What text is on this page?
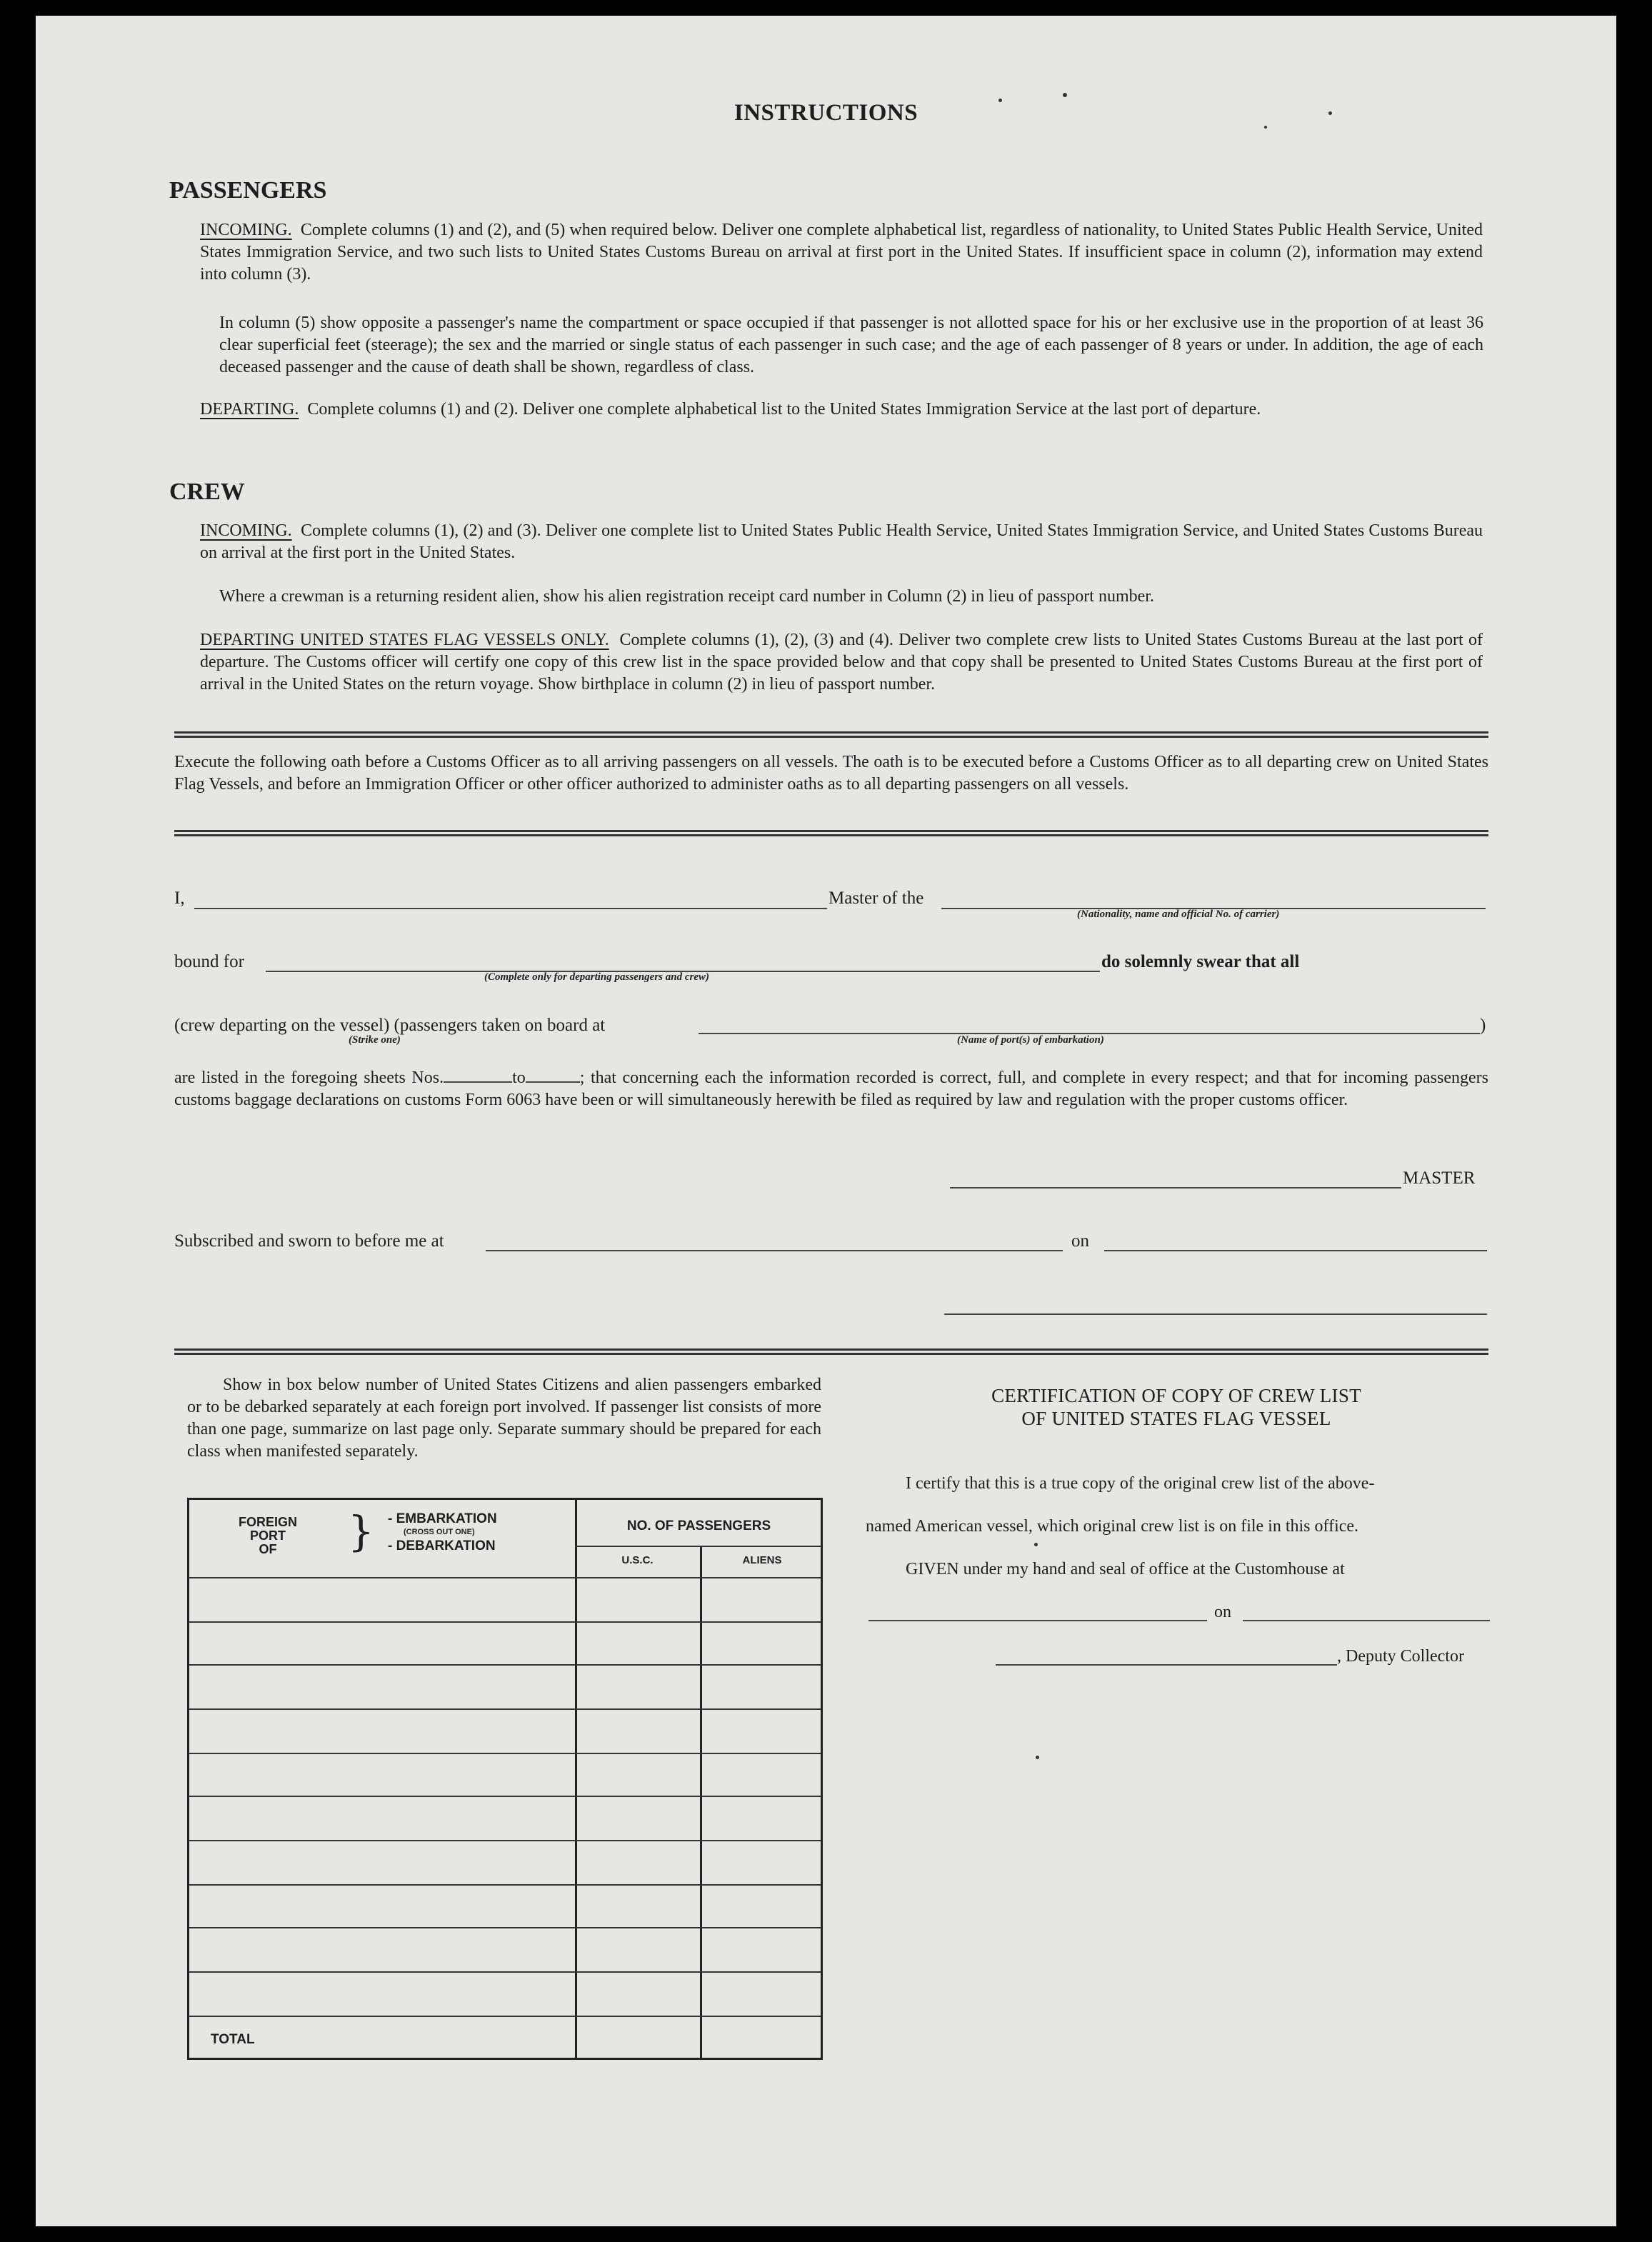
INSTRUCTIONS
PASSENGERS
INCOMING. Complete columns (1) and (2), and (5) when required below. Deliver one complete alphabetical list, regardless of nationality, to United States Public Health Service, United States Immigration Service, and two such lists to United States Customs Bureau on arrival at first port in the United States. If insufficient space in column (2), information may extend into column (3).
In column (5) show opposite a passenger's name the compartment or space occupied if that passenger is not allotted space for his or her exclusive use in the proportion of at least 36 clear superficial feet (steerage); the sex and the married or single status of each passenger in such case; and the age of each passenger of 8 years or under. In addition, the age of each deceased passenger and the cause of death shall be shown, regardless of class.
DEPARTING. Complete columns (1) and (2). Deliver one complete alphabetical list to the United States Immigration Service at the last port of departure.
CREW
INCOMING. Complete columns (1), (2) and (3). Deliver one complete list to United States Public Health Service, United States Immigration Service, and United States Customs Bureau on arrival at the first port in the United States.
Where a crewman is a returning resident alien, show his alien registration receipt card number in Column (2) in lieu of passport number.
DEPARTING UNITED STATES FLAG VESSELS ONLY. Complete columns (1), (2), (3) and (4). Deliver two complete crew lists to United States Customs Bureau at the last port of departure. The Customs officer will certify one copy of this crew list in the space provided below and that copy shall be presented to United States Customs Bureau at the first port of arrival in the United States on the return voyage. Show birthplace in column (2) in lieu of passport number.
Execute the following oath before a Customs Officer as to all arriving passengers on all vessels. The oath is to be executed before a Customs Officer as to all departing crew on United States Flag Vessels, and before an Immigration Officer or other officer authorized to administer oaths as to all departing passengers on all vessels.
I,	Master of the
(Nationality, name and official No. of carrier)
bound for
(Complete only for departing passengers and crew)
do solemnly swear that all
(crew departing on the vessel) (passengers taken on board at	)
(Strike one)	(Name of port(s) of embarkation)
are listed in the foregoing sheets Nos.	to	; that concerning each the information recorded is correct, full, and complete in every respect; and that for incoming passengers customs baggage declarations on customs Form 6063 have been or will simultaneously herewith be filed as required by law and regulation with the proper customs officer.
MASTER
Subscribed and sworn to before me at	on
Show in box below number of United States Citizens and alien passengers embarked or to be debarked separately at each foreign port involved. If passenger list consists of more than one page, summarize on last page only. Separate summary should be prepared for each class when manifested separately.
FOREIGN
PORT
OF	} - EMBARKATION
(CROSS OUT ONE)
- DEBARKATION
NO. OF PASSENGERS
U.S.C.	ALIENS
TOTAL
CERTIFICATION OF COPY OF CREW LIST
OF UNITED STATES FLAG VESSEL
I certify that this is a true copy of the original crew list of the above-
named American vessel, which original crew list is on file in this office.
GIVEN under my hand and seal of office at the Customhouse at
on
, Deputy Collector
